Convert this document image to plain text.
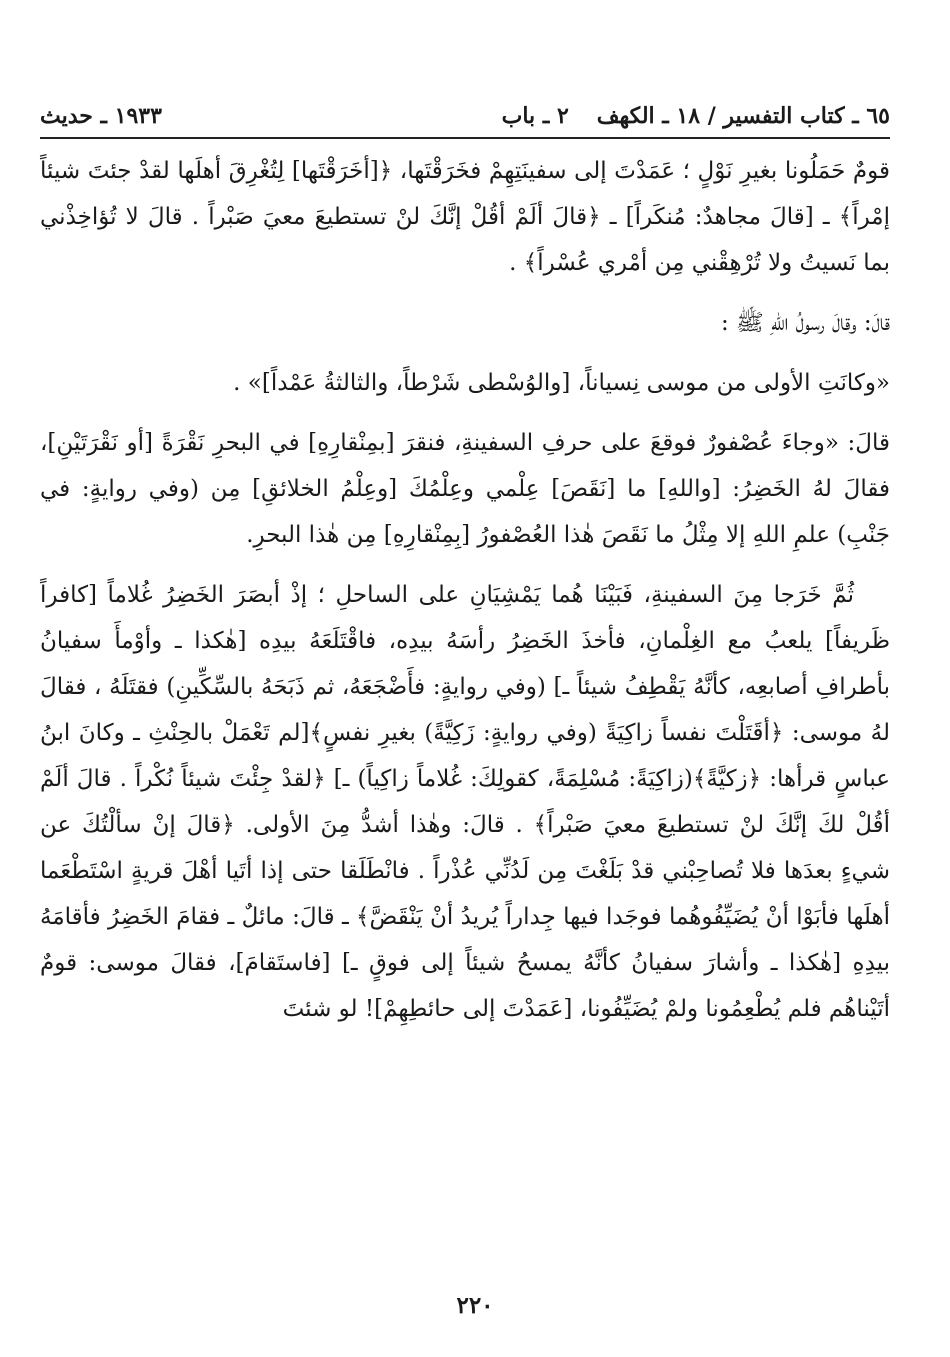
٦٥ ـ كتاب التفسير / ١٨ ـ الكهف
٢ ـ باب
١٩٣٣ ـ حديث

قومٌ حَمَلُونا بغيرِ نَوْلٍ ؛ عَمَدْتَ إلى سفينَتِهِمْ فخَرَقْتَها، ﴿[أخَرَقْتَها] لِتُغْرِقَ أهلَها لقدْ جئتَ شيئاً إمْراً﴾ ـ [قالَ مجاهدٌ: مُنكَراً] ـ ﴿قالَ ألَمْ أقُلْ إنَّكَ لنْ تستطيعَ معيَ صَبْراً . قالَ لا تُؤاخِذْني بما نَسيتُ ولا تُرْهِقْني مِن أمْري عُسْراً﴾ .

قالَ: وقالَ رسولُ اللهِ ﷺ :

«وكانَتِ الأولى من موسى نِسياناً، [والوُسْطى شَرْطاً، والثالثةُ عَمْداً]» .

قالَ: «وجاءَ عُصْفورٌ فوقعَ على حرفِ السفينةِ، فنقرَ [بمِنْقارِهِ] في البحرِ نَقْرَةً [أو نَقْرَتَيْنِ]، فقالَ لهُ الخَضِرُ: [واللهِ] ما [نَقَصَ] عِلْمي وعِلْمُكَ [وعِلْمُ الخلائقِ] مِن (وفي روايةٍ: في جَنْبِ) علمِ اللهِ إلا مِثْلُ ما نَقَصَ هٰذا العُصْفورُ [بِمِنْقارِهِ] مِن هٰذا البحرِ.

ثُمَّ خَرَجا مِنَ السفينةِ، فَبَيْنَا هُما يَمْشِيَانِ على الساحلِ ؛ إذْ أبصَرَ الخَضِرُ غُلاماً [كافراً ظَريفاً] يلعبُ مع الغِلْمانِ، فأخذَ الخَضِرُ رأسَهُ بيدِه، فاقْتَلَعَهُ بيدِه [هٰكذا ـ وأوْمأَ سفيانُ بأطرافِ أصابعِه، كأنَّهُ يَقْطِفُ شيئاً ـ] (وفي روايةٍ: فأَضْجَعَهُ، ثم ذَبَحَهُ بالسِّكِّينِ) فقتَلَهُ ، فقالَ لهُ موسى: ﴿أقَتَلْتَ نفساً زاكِيَةً (وفي روايةٍ: زَكِيَّةً) بغيرِ نفسٍ﴾[لم تَعْمَلْ بالحِنْثِ ـ وكانَ ابنُ عباسٍ قرأها: ﴿زكيَّةً﴾(زاكِيَةً: مُسْلِمَةً، كقولِكَ: غُلاماً زاكِياً) ـ] ﴿لقدْ جِئْتَ شيئاً نُكْراً . قالَ ألَمْ أقُلْ لكَ إنَّكَ لنْ تستطيعَ معيَ صَبْراً﴾ . قالَ: وهٰذا أشدُّ مِنَ الأولى. ﴿قالَ إنْ سألْتُكَ عن شيءٍ بعدَها فلا تُصاحِبْني قدْ بَلَغْتَ مِن لَدُنِّي عُذْراً . فانْطَلَقا حتى إذا أتَيا أهْلَ قريةٍ اسْتَطْعَما أهلَها فأبَوْا أنْ يُضَيِّفُوهُما فوجَدا فيها جِداراً يُريدُ أنْ يَنْقَضَّ﴾ ـ قالَ: مائلٌ ـ فقامَ الخَضِرُ فأقامَهُ بيدِهِ [هٰكذا ـ وأشارَ سفيانُ كأنَّهُ يمسحُ شيئاً إلى فوقٍ ـ] [فاستَقامَ]، فقالَ موسى: قومٌ أتَيْناهُم فلم يُطْعِمُونا ولمْ يُضَيِّفُونا، [عَمَدْتَ إلى حائطِهِمْ]! لو شئتَ

٢٢٠
